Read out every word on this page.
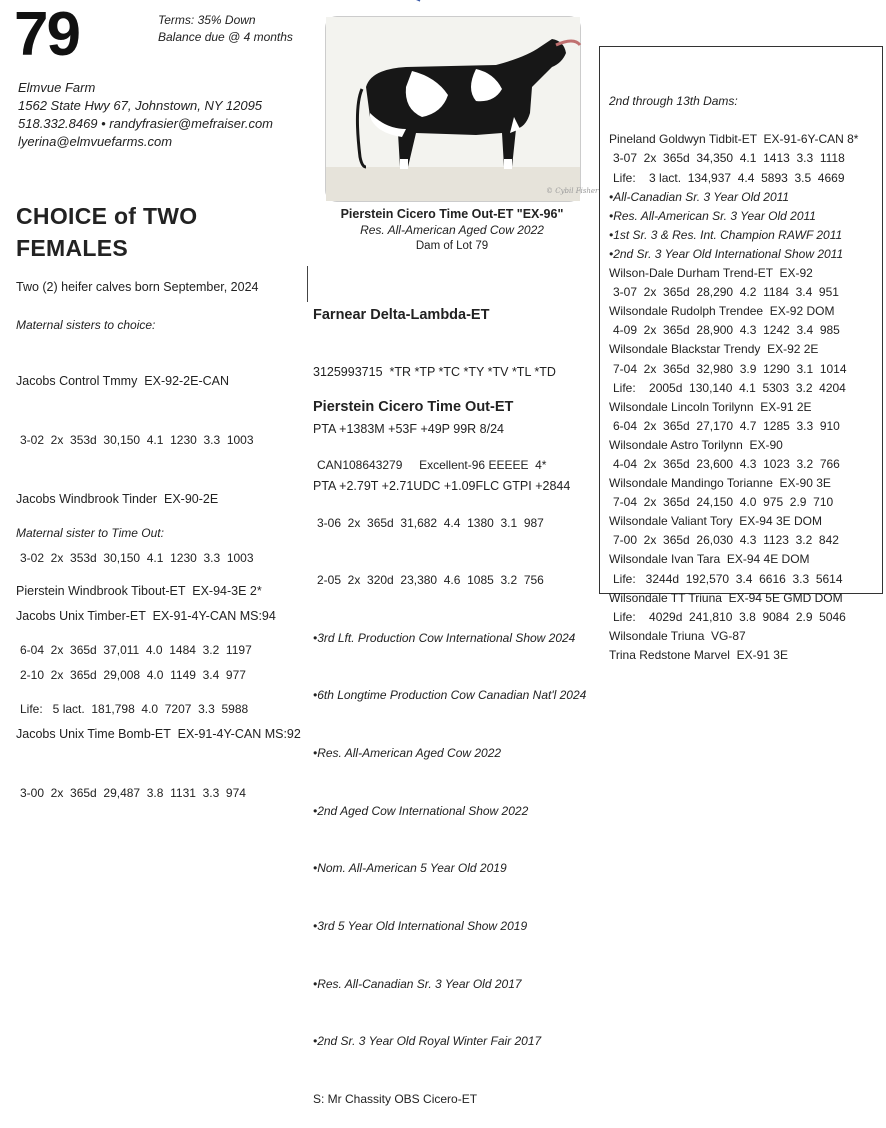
79	Terms: 35% Down
Balance due @ 4 months
Elmvue Farm
1562 State Hwy 67, Johnstown, NY 12095
518.332.8469 • randyfrasier@mefraiser.com
lyerina@elmvuefarms.com
CHOICE of TWO
FEMALES
Two (2) heifer calves born September, 2024
Maternal sisters to choice:

Jacobs Control Tmmy  EX-92-2E-CAN

3-02  2x  353d  30,150  4.1  1230  3.3  1003

Jacobs Windbrook Tinder  EX-90-2E

3-02  2x  353d  30,150  4.1  1230  3.3  1003

Jacobs Unix Timber-ET  EX-91-4Y-CAN MS:94

2-10  2x  365d  29,008  4.0  1149  3.4  977

Jacobs Unix Time Bomb-ET  EX-91-4Y-CAN MS:92

3-00  2x  365d  29,487  3.8  1131  3.3  974

Maternal sister to Time Out:

Pierstein Windbrook Tibout-ET  EX-94-3E 2*

6-04  2x  365d  37,011  4.0  1484  3.2  1197

Life:   5 lact.  181,798  4.0  7207  3.3  5988

© Cybil Fisher
Pierstein Cicero Time Out-ET "EX-96"
Res. All-American Aged Cow 2022
Dam of Lot 79

Farnear Delta-Lambda-ET

3125993715  *TR *TP *TC *TY *TV *TL *TD

PTA +1383M +53F +49P 99R 8/24

PTA +2.79T +2.71UDC +1.09FLC GTPI +2844

Pierstein Cicero Time Out-ET

CAN108643279     Excellent-96 EEEEE  4*

3-06  2x  365d  31,682  4.4  1380  3.1  987

2-05  2x  320d  23,380  4.6  1085  3.2  756

•3rd Lft. Production Cow International Show 2024

•6th Longtime Production Cow Canadian Nat'l 2024

•Res. All-American Aged Cow 2022

•2nd Aged Cow International Show 2022

•Nom. All-American 5 Year Old 2019

•3rd 5 Year Old International Show 2019

•Res. All-Canadian Sr. 3 Year Old 2017

•2nd Sr. 3 Year Old Royal Winter Fair 2017

S: Mr Chassity OBS Cicero-ET

2nd through 13th Dams:

Pineland Goldwyn Tidbit-ET  EX-91-6Y-CAN 8*
3-07  2x  365d  34,350  4.1  1413  3.3  1118
Life:    3 lact.  134,937  4.4  5893  3.5  4669
•All-Canadian Sr. 3 Year Old 2011
•Res. All-American Sr. 3 Year Old 2011
•1st Sr. 3 & Res. Int. Champion RAWF 2011
•2nd Sr. 3 Year Old International Show 2011
Wilson-Dale Durham Trend-ET  EX-92
3-07  2x  365d  28,290  4.2  1184  3.4  951
Wilsondale Rudolph Trendee  EX-92 DOM
4-09  2x  365d  28,900  4.3  1242  3.4  985
Wilsondale Blackstar Trendy  EX-92 2E
7-04  2x  365d  32,980  3.9  1290  3.1  1014
Life:    2005d  130,140  4.1  5303  3.2  4204
Wilsondale Lincoln Torilynn  EX-91 2E
6-04  2x  365d  27,170  4.7  1285  3.3  910
Wilsondale Astro Torilynn  EX-90
4-04  2x  365d  23,600  4.3  1023  3.2  766
Wilsondale Mandingo Torianne  EX-90 3E
7-04  2x  365d  24,150  4.0  975  2.9  710
Wilsondale Valiant Tory  EX-94 3E DOM
7-00  2x  365d  26,030  4.3  1123  3.2  842
Wilsondale Ivan Tara  EX-94 4E DOM
Life:   3244d  192,570  3.4  6616  3.3  5614
Wilsondale TT Triuna  EX-94 5E GMD DOM
Life:    4029d  241,810  3.8  9084  2.9  5046
Wilsondale Triuna  VG-87
Trina Redstone Marvel  EX-91 3E
